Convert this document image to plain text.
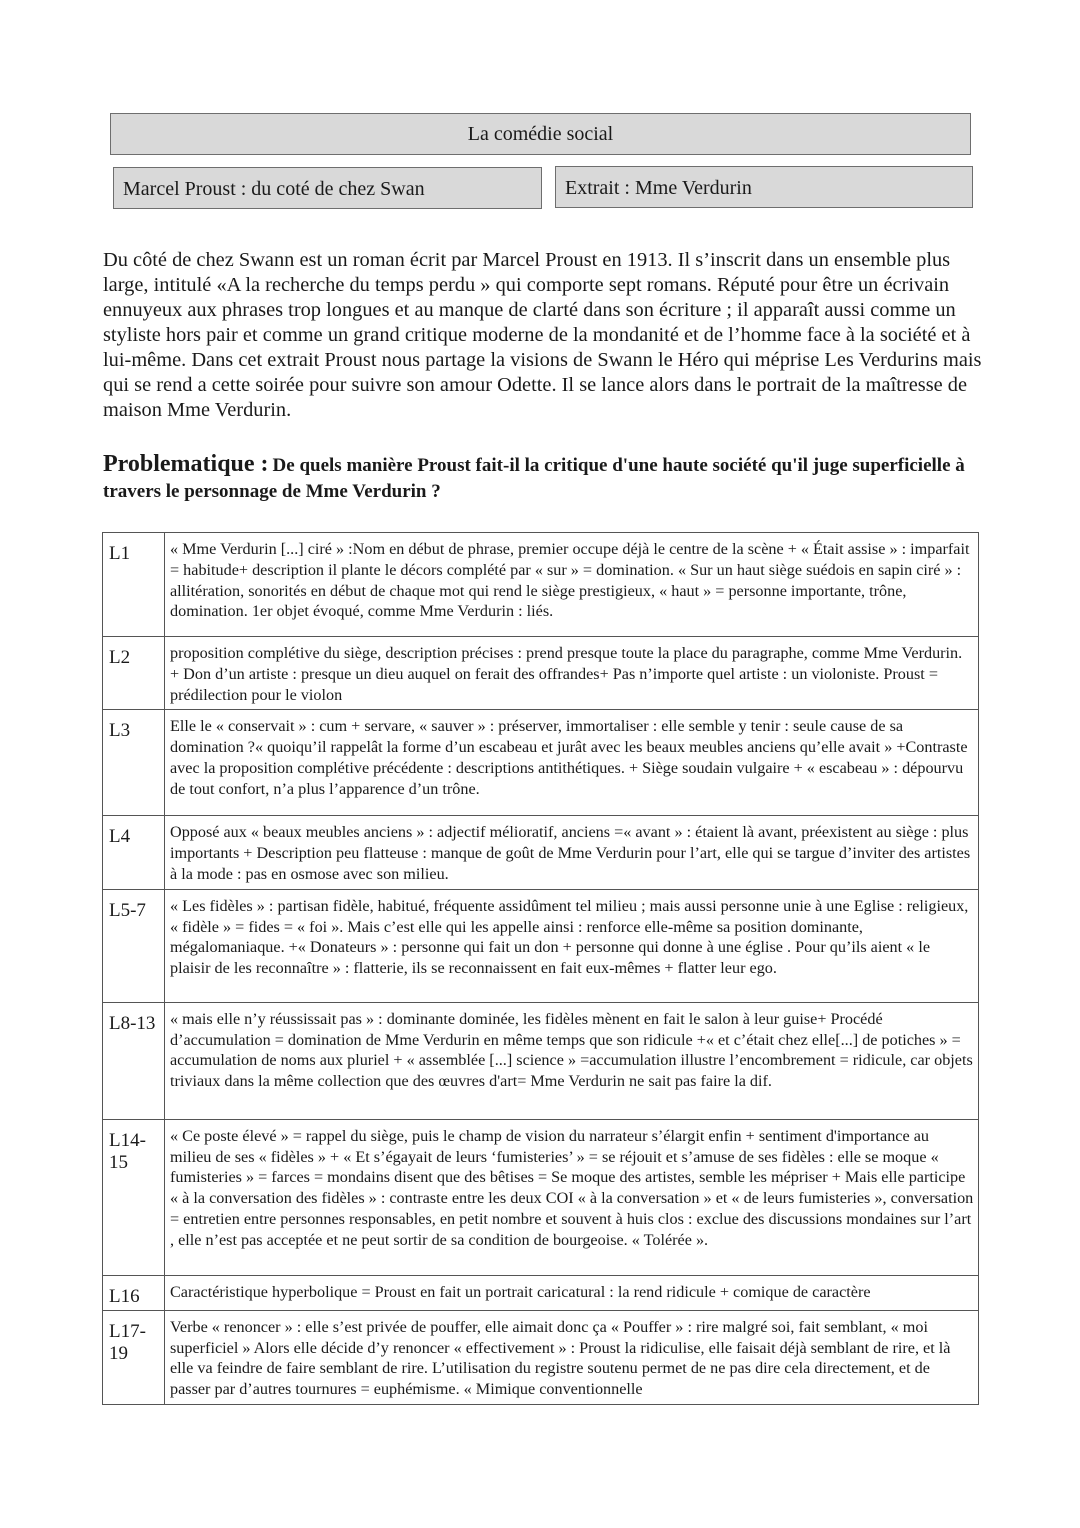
La comédie social
Marcel Proust : du coté de chez Swan	Extrait : Mme Verdurin

Du côté de chez Swann est un roman écrit par Marcel Proust en 1913. Il s’inscrit dans un ensemble plus large, intitulé «A la recherche du temps perdu » qui comporte sept romans. Réputé pour être un écrivain ennuyeux aux phrases trop longues et au manque de clarté dans son écriture ; il apparaît aussi comme un styliste hors pair et comme un grand critique moderne de la mondanité et de l’homme face à la société et à lui-même. Dans cet extrait Proust nous partage la visions de Swann le Héro qui méprise Les Verdurins mais qui se rend a cette soirée pour suivre son amour Odette. Il se lance alors dans le portrait de la maîtresse de maison Mme Verdurin.

Problematique : De quels manière Proust fait-il la critique d'une haute société qu'il juge superficielle à travers le personnage de Mme Verdurin ?

L1	« Mme Verdurin [...] ciré » :Nom en début de phrase, premier occupe déjà le centre de la scène + « Était assise » : imparfait = habitude+ description il plante le décors complété par « sur » = domination. « Sur un haut siège suédois en sapin ciré » : allitération, sonorités en début de chaque mot qui rend le siège prestigieux, « haut » = personne importante, trône, domination. 1er objet évoqué, comme Mme Verdurin : liés.
L2	proposition complétive du siège, description précises : prend presque toute la place du paragraphe, comme Mme Verdurin. + Don d’un artiste : presque un dieu auquel on ferait des offrandes+ Pas n’importe quel artiste : un violoniste. Proust = prédilection pour le violon
L3	Elle le « conservait » : cum + servare, « sauver » : préserver, immortaliser : elle semble y tenir : seule cause de sa domination ?« quoiqu’il rappelât la forme d’un escabeau et jurât avec les beaux meubles anciens qu’elle avait » +Contraste avec la proposition complétive précédente : descriptions antithétiques. + Siège soudain vulgaire + « escabeau » : dépourvu de tout confort, n’a plus l’apparence d’un trône.
L4	Opposé aux « beaux meubles anciens » : adjectif mélioratif, anciens =« avant » : étaient là avant, préexistent au siège : plus importants + Description peu flatteuse : manque de goût de Mme Verdurin pour l’art, elle qui se targue d’inviter des artistes à la mode : pas en osmose avec son milieu.
L5-7	« Les fidèles » : partisan fidèle, habitué, fréquente assidûment tel milieu ; mais aussi personne unie à une Eglise : religieux, « fidèle » = fides = « foi ». Mais c’est elle qui les appelle ainsi : renforce elle-même sa position dominante, mégalomaniaque. +« Donateurs » : personne qui fait un don + personne qui donne à une église . Pour qu’ils aient « le plaisir de les reconnaître » : flatterie, ils se reconnaissent en fait eux-mêmes + flatter leur ego.
L8-13	« mais elle n’y réussissait pas » : dominante dominée, les fidèles mènent en fait le salon à leur guise+ Procédé d’accumulation = domination de Mme Verdurin en même temps que son ridicule +« et c’était chez elle[...] de potiches » = accumulation de noms aux pluriel + « assemblée [...] science » =accumulation illustre l’encombrement = ridicule, car objets triviaux dans la même collection que des œuvres d'art= Mme Verdurin ne sait pas faire la dif.
L14-15	« Ce poste élevé » = rappel du siège, puis le champ de vision du narrateur s’élargit enfin + sentiment d'importance au milieu de ses « fidèles » + « Et s’égayait de leurs ‘fumisteries’ » = se réjouit et s’amuse de ses fidèles : elle se moque « fumisteries » = farces = mondains disent que des bêtises = Se moque des artistes, semble les mépriser + Mais elle participe « à la conversation des fidèles » : contraste entre les deux COI « à la conversation » et « de leurs fumisteries », conversation = entretien entre personnes responsables, en petit nombre et souvent à huis clos : exclue des discussions mondaines sur l’art , elle n’est pas acceptée et ne peut sortir de sa condition de bourgeoise. « Tolérée ».
L16	Caractéristique hyperbolique = Proust en fait un portrait caricatural : la rend ridicule + comique de caractère
L17-19	Verbe « renoncer » : elle s’est privée de pouffer, elle aimait donc ça « Pouffer » : rire malgré soi, fait semblant, « moi superficiel » Alors elle décide d’y renoncer « effectivement » : Proust la ridiculise, elle faisait déjà semblant de rire, et là elle va feindre de faire semblant de rire. L’utilisation du registre soutenu permet de ne pas dire cela directement, et de passer par d’autres tournures = euphémisme. « Mimique conventionnelle
